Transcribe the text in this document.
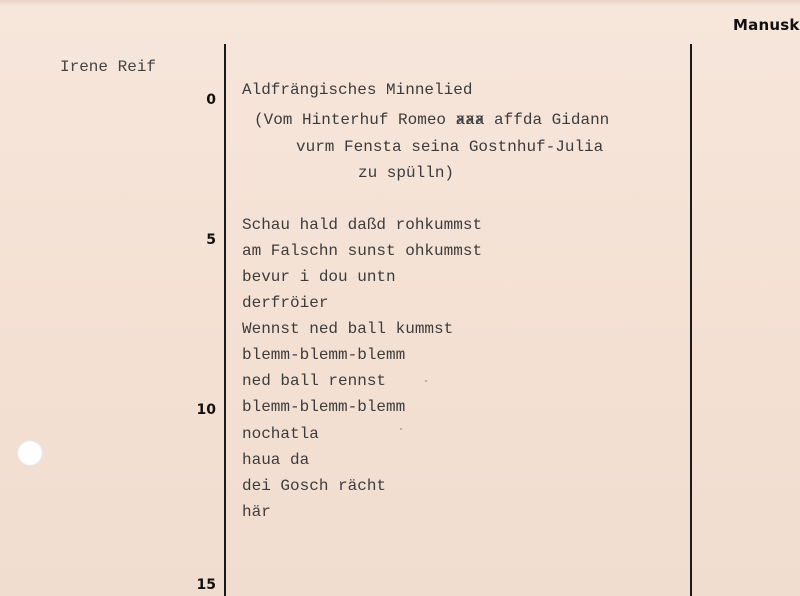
Manusk
Irene Reif
0
5
10
15
Aldfrängisches Minnelied
(Vom Hinterhuf Romeo aaa xxx affda Gidann
vurm Fensta seina Gostnhuf-Julia
zu spülln)
Schau hald daßd rohkummst
am Falschn sunst ohkummst
bevur i dou untn
derfröier
Wennst ned ball kummst
blemm-blemm-blemm
ned ball rennst
blemm-blemm-blemm
nochatla
haua da
dei Gosch rächt
här
